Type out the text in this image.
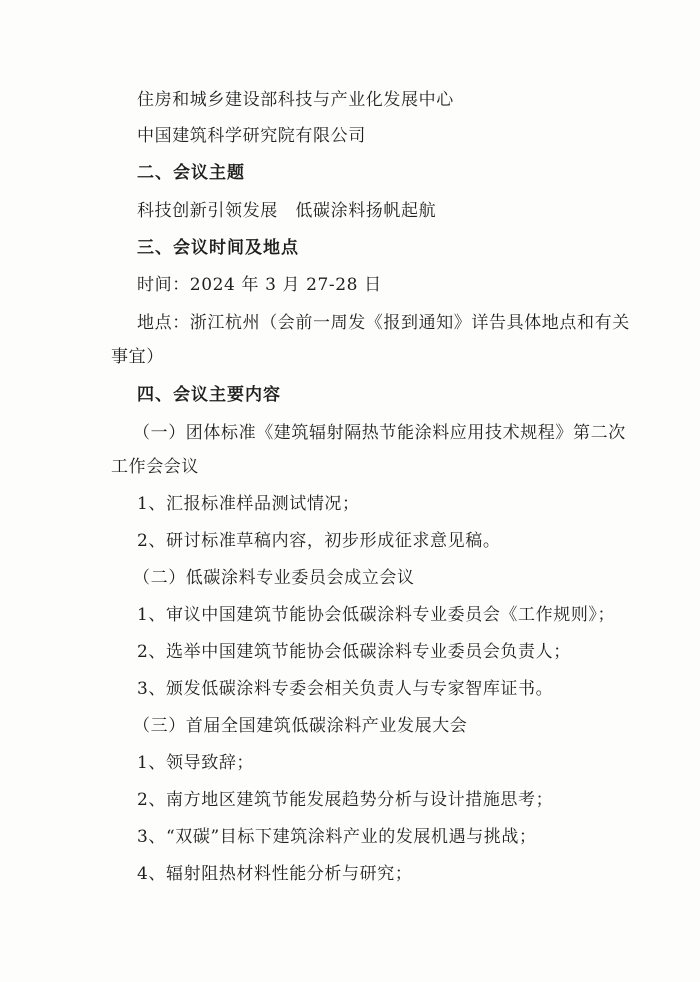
住房和城乡建设部科技与产业化发展中心
中国建筑科学研究院有限公司
二、会议主题
科技创新引领发展　低碳涂料扬帆起航
三、会议时间及地点
时间：2024 年 3 月 27-28 日
地点：浙江杭州（会前一周发《报到通知》详告具体地点和有关
事宜）
四、会议主要内容
（一）团体标准《建筑辐射隔热节能涂料应用技术规程》第二次
工作会会议
1、汇报标准样品测试情况；
2、研讨标准草稿内容，初步形成征求意见稿。
（二）低碳涂料专业委员会成立会议
1、审议中国建筑节能协会低碳涂料专业委员会《工作规则》；
2、选举中国建筑节能协会低碳涂料专业委员会负责人；
3、颁发低碳涂料专委会相关负责人与专家智库证书。
（三）首届全国建筑低碳涂料产业发展大会
1、领导致辞；
2、南方地区建筑节能发展趋势分析与设计措施思考；
3、“双碳”目标下建筑涂料产业的发展机遇与挑战；
4、辐射阻热材料性能分析与研究；
